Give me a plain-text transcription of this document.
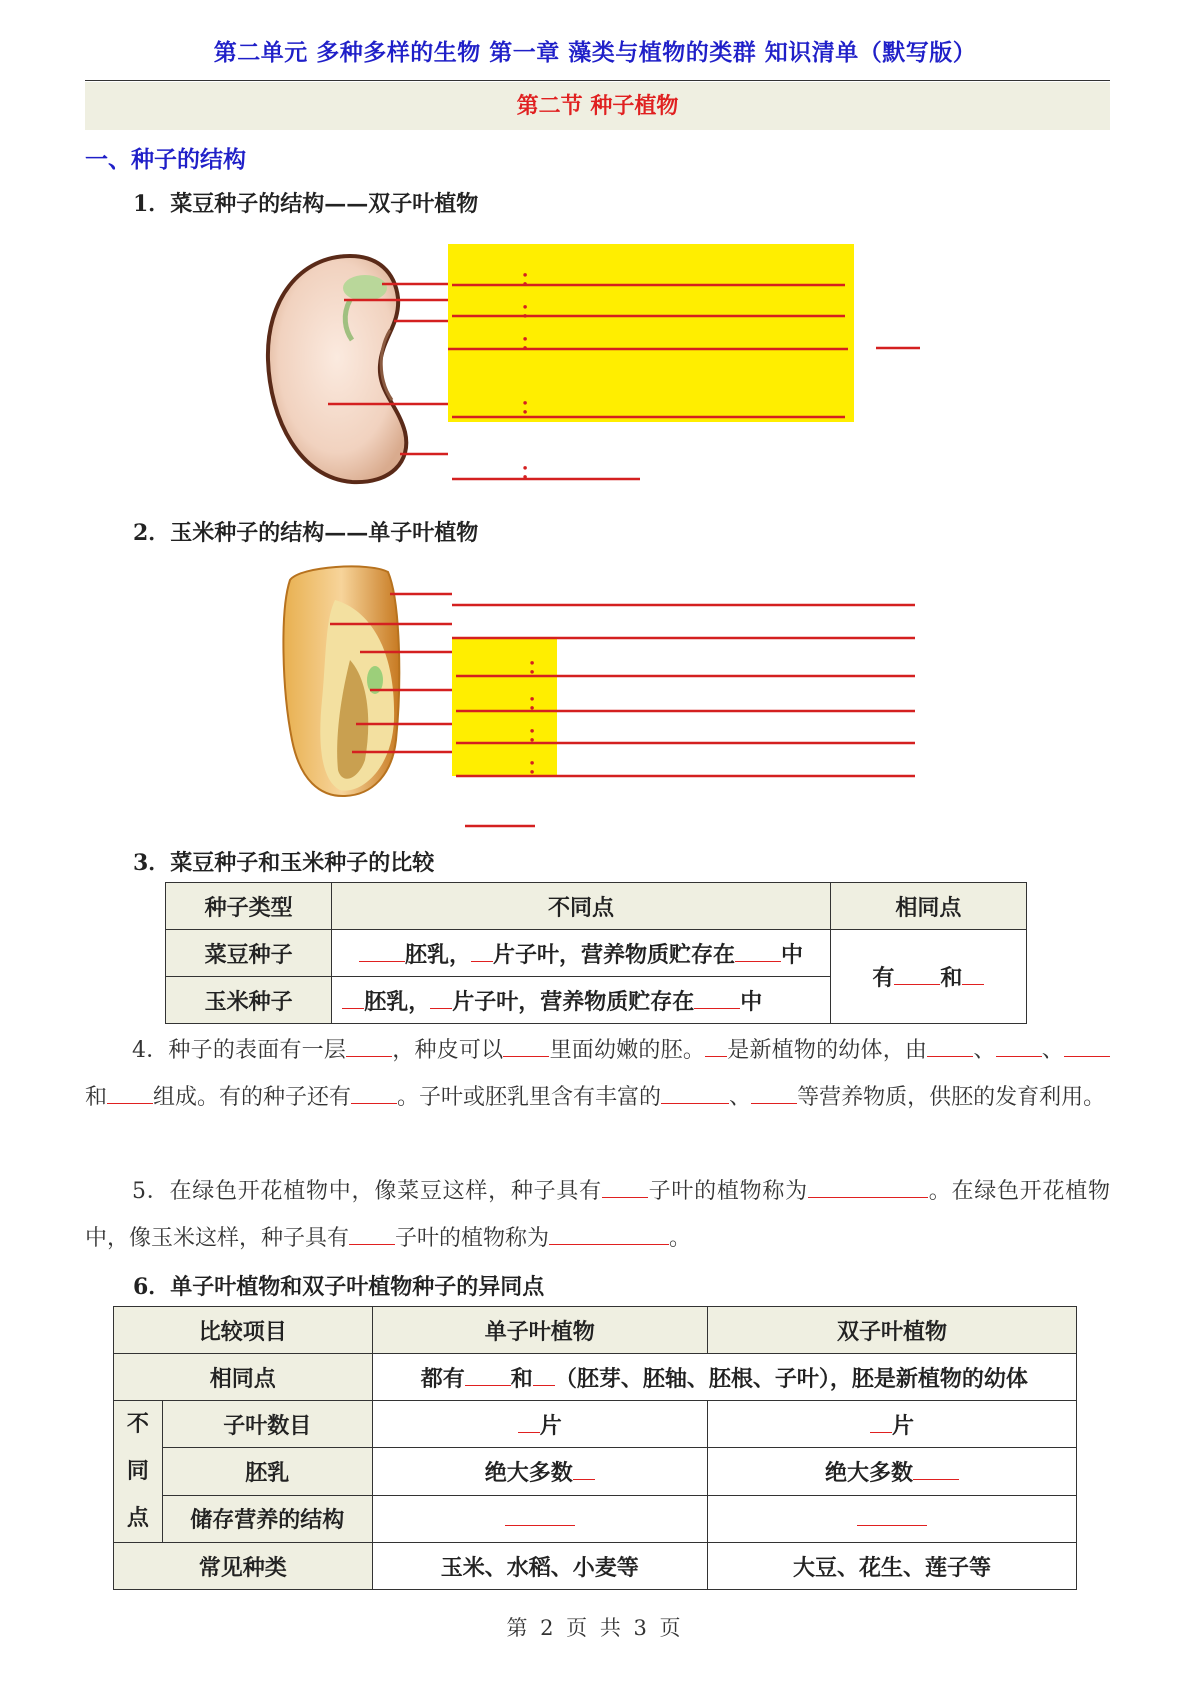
第二单元 多种多样的生物 第一章 藻类与植物的类群 知识清单（默写版）
第二节 种子植物
一、种子的结构
1．菜豆种子的结构——双子叶植物
：
：
：
：
：
：
：
：
：
2．玉米种子的结构——单子叶植物
3．菜豆种子和玉米种子的比较
种子类型	不同点	相同点
菜豆种子	胚乳， 片子叶，营养物质贮存在 中	有 和
玉米种子	胚乳， 片子叶，营养物质贮存在 中	
4．种子的表面有一层 ，种皮可以 里面幼嫩的胚。 是新植物的幼体，由 、 、和 组成。有的种子还有 。子叶或胚乳里含有丰富的	、 等营养物质，供胚的发育利用。
5．在绿色开花植物中，像菜豆这样，种子具有 子叶的植物称为	。在绿色开花植物中，像玉米这样，种子具有 子叶的植物称为	。
6．单子叶植物和双子叶植物种子的异同点
比较项目		单子叶植物	双子叶植物
相同点		都有 和 （胚芽、胚轴、胚根、子叶），胚是新植物的幼体	

不
同
点	子叶数目	片	片
	胚乳	绝大多数	绝大多数
	储存营养的结构		
常见种类		玉米、水稻、小麦等	大豆、花生、莲子等
第 2 页 共 3 页
